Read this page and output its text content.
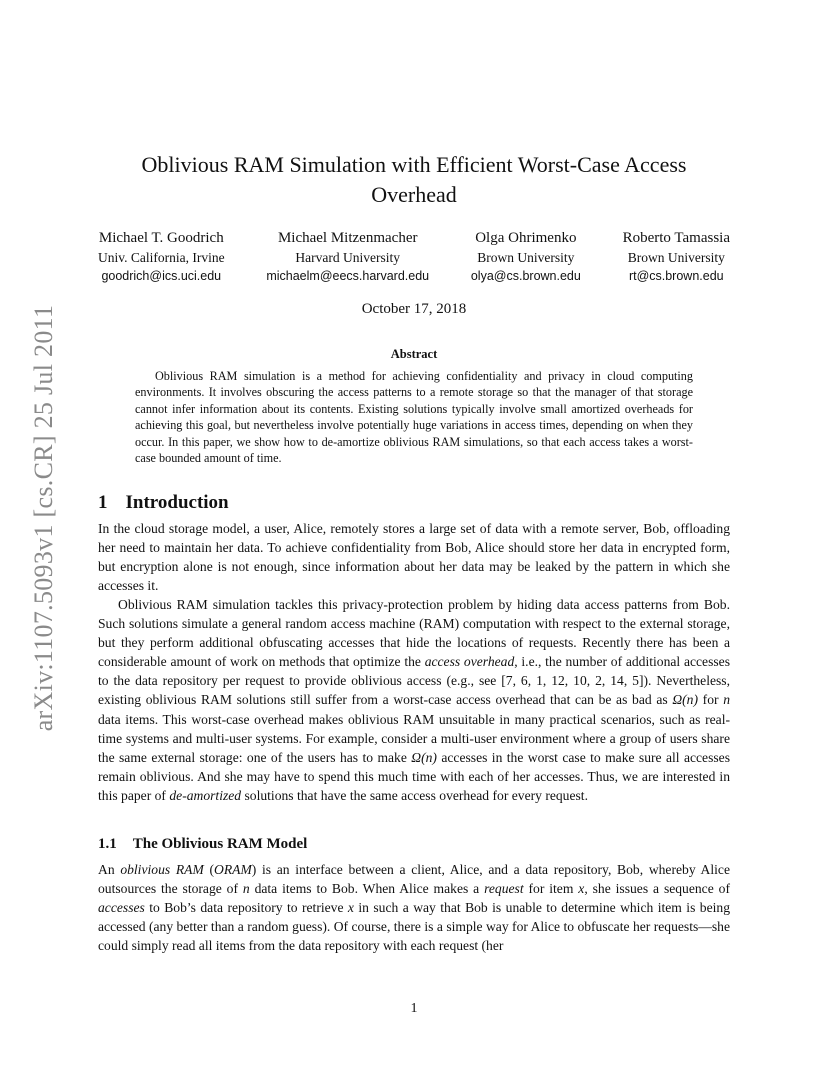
arXiv:1107.5093v1 [cs.CR] 25 Jul 2011
Oblivious RAM Simulation with Efficient Worst-Case Access Overhead
Michael T. Goodrich
Univ. California, Irvine
goodrich@ics.uci.edu
Michael Mitzenmacher
Harvard University
michaelm@eecs.harvard.edu
Olga Ohrimenko
Brown University
olya@cs.brown.edu
Roberto Tamassia
Brown University
rt@cs.brown.edu
October 17, 2018
Abstract

Oblivious RAM simulation is a method for achieving confidentiality and privacy in cloud computing environments. It involves obscuring the access patterns to a remote storage so that the manager of that storage cannot infer information about its contents. Existing solutions typically involve small amortized overheads for achieving this goal, but nevertheless involve potentially huge variations in access times, depending on when they occur. In this paper, we show how to de-amortize oblivious RAM simulations, so that each access takes a worst-case bounded amount of time.

1 Introduction

In the cloud storage model, a user, Alice, remotely stores a large set of data with a remote server, Bob, offloading her need to maintain her data. To achieve confidentiality from Bob, Alice should store her data in encrypted form, but encryption alone is not enough, since information about her data may be leaked by the pattern in which she accesses it.

Oblivious RAM simulation tackles this privacy-protection problem by hiding data access patterns from Bob. Such solutions simulate a general random access machine (RAM) computation with respect to the external storage, but they perform additional obfuscating accesses that hide the locations of requests. Recently there has been a considerable amount of work on methods that optimize the access overhead, i.e., the number of additional accesses to the data repository per request to provide oblivious access (e.g., see [7, 6, 1, 12, 10, 2, 14, 5]). Nevertheless, existing oblivious RAM solutions still suffer from a worst-case access overhead that can be as bad as Ω(n) for n data items. This worst-case overhead makes oblivious RAM unsuitable in many practical scenarios, such as real-time systems and multi-user systems. For example, consider a multi-user environment where a group of users share the same external storage: one of the users has to make Ω(n) accesses in the worst case to make sure all accesses remain oblivious. And she may have to spend this much time with each of her accesses. Thus, we are interested in this paper of de-amortized solutions that have the same access overhead for every request.

1.1 The Oblivious RAM Model

An oblivious RAM (ORAM) is an interface between a client, Alice, and a data repository, Bob, whereby Alice outsources the storage of n data items to Bob. When Alice makes a request for item x, she issues a sequence of accesses to Bob’s data repository to retrieve x in such a way that Bob is unable to determine which item is being accessed (any better than a random guess). Of course, there is a simple way for Alice to obfuscate her requests—she could simply read all items from the data repository with each request (her

1
